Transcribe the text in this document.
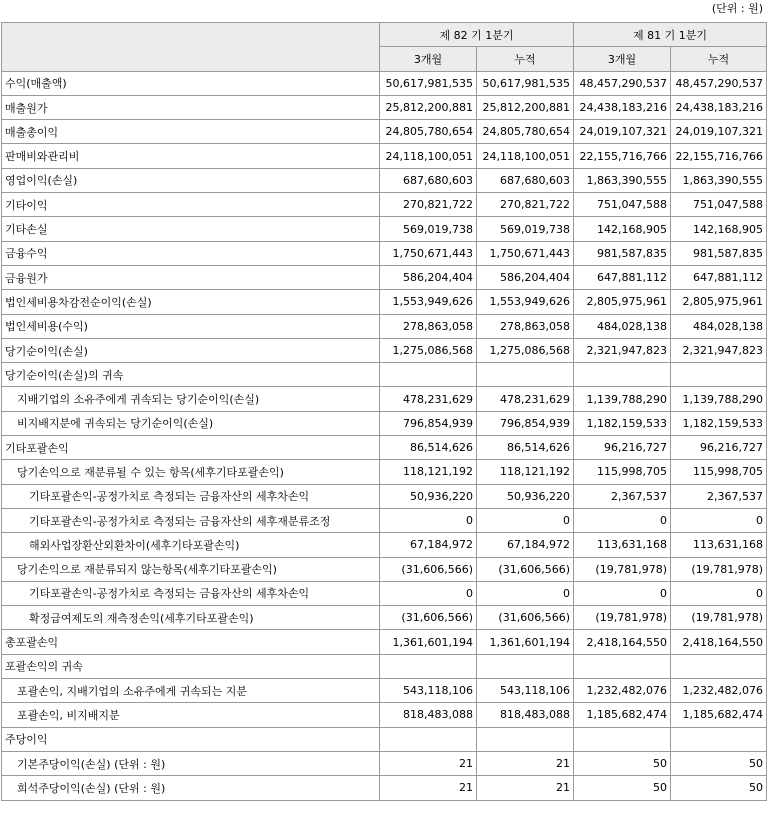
(단위 : 원)
	제 82 기 1분기		제 81 기 1분기	
	3개월	누적	3개월	누적
수익(매출액)	50,617,981,535	50,617,981,535	48,457,290,537	48,457,290,537
매출원가	25,812,200,881	25,812,200,881	24,438,183,216	24,438,183,216
매출총이익	24,805,780,654	24,805,780,654	24,019,107,321	24,019,107,321
판매비와관리비	24,118,100,051	24,118,100,051	22,155,716,766	22,155,716,766
영업이익(손실)	687,680,603	687,680,603	1,863,390,555	1,863,390,555
기타이익	270,821,722	270,821,722	751,047,588	751,047,588
기타손실	569,019,738	569,019,738	142,168,905	142,168,905
금융수익	1,750,671,443	1,750,671,443	981,587,835	981,587,835
금융원가	586,204,404	586,204,404	647,881,112	647,881,112
법인세비용차감전순이익(손실)	1,553,949,626	1,553,949,626	2,805,975,961	2,805,975,961
법인세비용(수익)	278,863,058	278,863,058	484,028,138	484,028,138
당기순이익(손실)	1,275,086,568	1,275,086,568	2,321,947,823	2,321,947,823
당기순이익(손실)의 귀속				
지배기업의 소유주에게 귀속되는 당기순이익(손실)	478,231,629	478,231,629	1,139,788,290	1,139,788,290
비지배지분에 귀속되는 당기순이익(손실)	796,854,939	796,854,939	1,182,159,533	1,182,159,533
기타포괄손익	86,514,626	86,514,626	96,216,727	96,216,727
당기손익으로 재분류될 수 있는 항목(세후기타포괄손익)	118,121,192	118,121,192	115,998,705	115,998,705
기타포괄손익-공정가치로 측정되는 금융자산의 세후차손익	50,936,220	50,936,220	2,367,537	2,367,537
기타포괄손익-공정가치로 측정되는 금융자산의 세후재분류조정	0	0	0	0
해외사업장환산외환차이(세후기타포괄손익)	67,184,972	67,184,972	113,631,168	113,631,168
당기손익으로 재분류되지 않는항목(세후기타포괄손익)	(31,606,566)	(31,606,566)	(19,781,978)	(19,781,978)
기타포괄손익-공정가치로 측정되는 금융자산의 세후차손익	0	0	0	0
확정급여제도의 재측정손익(세후기타포괄손익)	(31,606,566)	(31,606,566)	(19,781,978)	(19,781,978)
총포괄손익	1,361,601,194	1,361,601,194	2,418,164,550	2,418,164,550
포괄손익의 귀속				
포괄손익, 지배기업의 소유주에게 귀속되는 지분	543,118,106	543,118,106	1,232,482,076	1,232,482,076
포괄손익, 비지배지분	818,483,088	818,483,088	1,185,682,474	1,185,682,474
주당이익				
기본주당이익(손실) (단위 : 원)	21	21	50	50
희석주당이익(손실) (단위 : 원)	21	21	50	50
